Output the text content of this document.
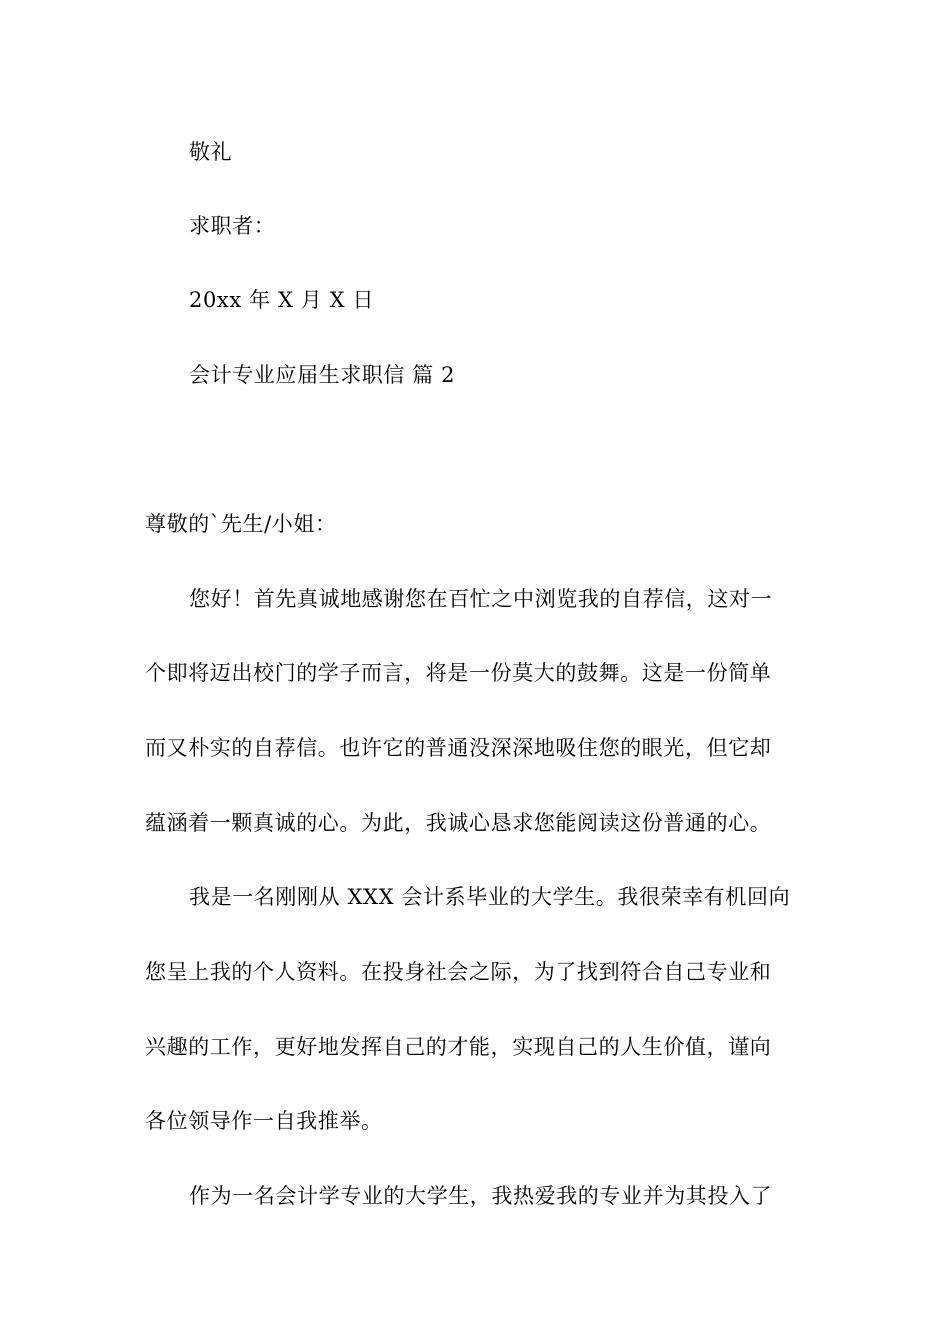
敬礼
求职者：
20xx 年 X 月 X 日
会计专业应届生求职信 篇 2
尊敬的`先生/小姐：
您好！首先真诚地感谢您在百忙之中浏览我的自荐信，这对一
个即将迈出校门的学子而言，将是一份莫大的鼓舞。这是一份简单
而又朴实的自荐信。也许它的普通没深深地吸住您的眼光，但它却
蕴涵着一颗真诚的心。为此，我诚心恳求您能阅读这份普通的心。
我是一名刚刚从 XXX 会计系毕业的大学生。我很荣幸有机回向
您呈上我的个人资料。在投身社会之际，为了找到符合自己专业和
兴趣的工作，更好地发挥自己的才能，实现自己的人生价值，谨向
各位领导作一自我推举。
作为一名会计学专业的大学生，我热爱我的专业并为其投入了
